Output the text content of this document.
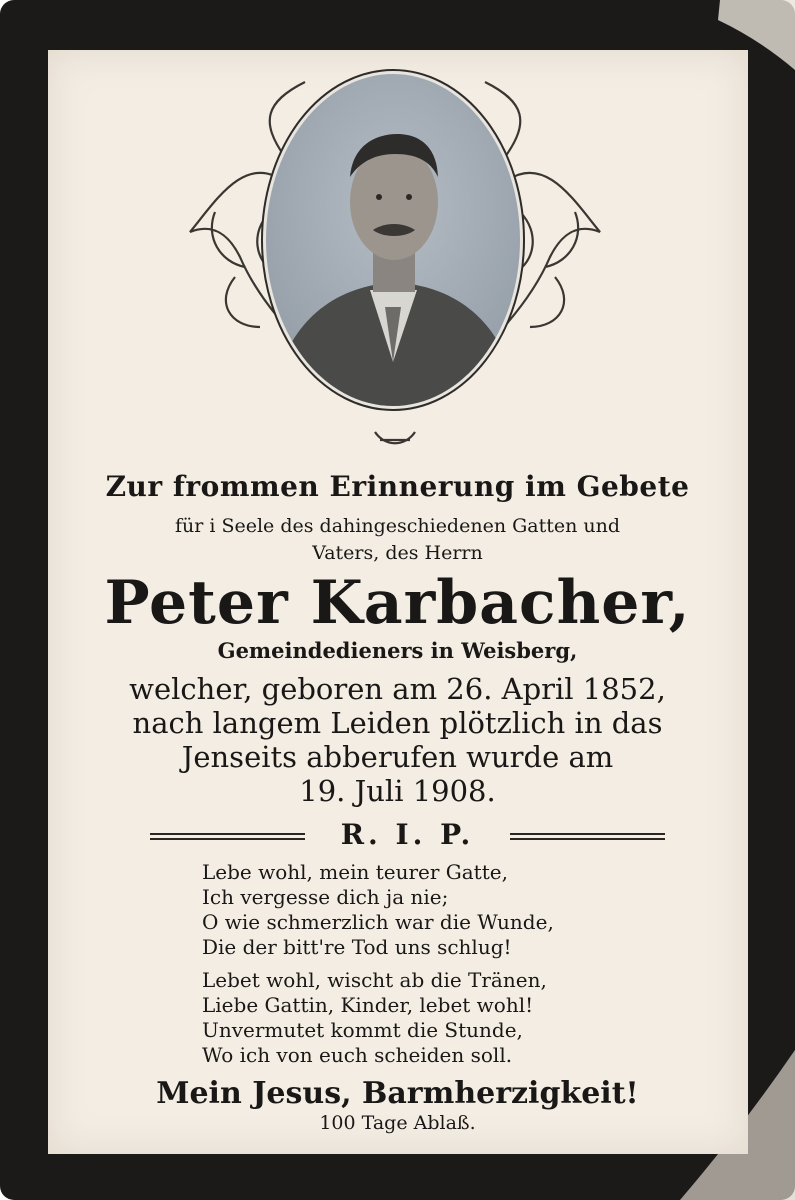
Zur frommen Erinnerung im Gebete
für i Seele des dahingeschiedenen Gatten und
Vaters, des Herrn
Peter Karbacher,
Gemeindedieners in Weisberg,
welcher, geboren am 26. April 1852,
nach langem Leiden plötzlich in das
Jenseits abberufen wurde am
19. Juli 1908.
R. I. P.
Lebe wohl, mein teurer Gatte,
Ich vergesse dich ja nie;
O wie schmerzlich war die Wunde,
Die der bitt're Tod uns schlug!
Lebet wohl, wischt ab die Tränen,
Liebe Gattin, Kinder, lebet wohl!
Unvermutet kommt die Stunde,
Wo ich von euch scheiden soll.
Mein Jesus, Barmherzigkeit!
100 Tage Ablaß.
